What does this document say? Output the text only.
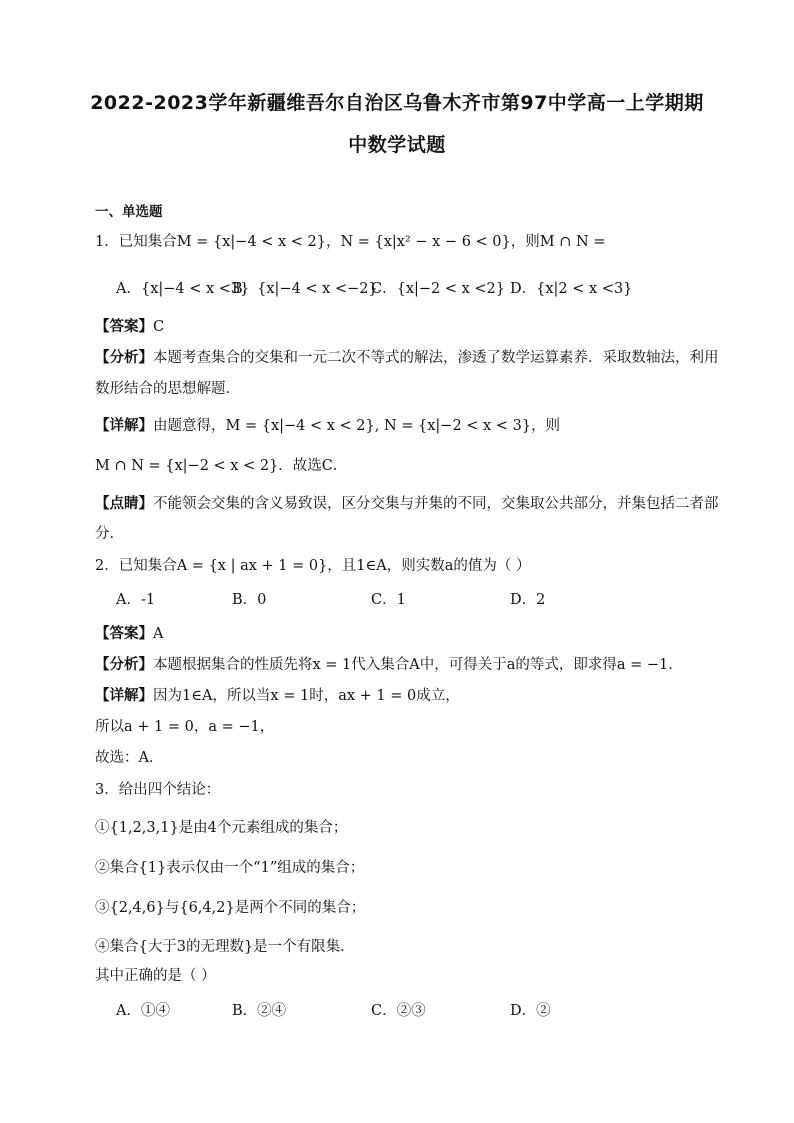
2022-2023学年新疆维吾尔自治区乌鲁木齐市第97中学高一上学期期
中数学试题
一、单选题
1．已知集合M = {x|−4 < x < 2}，N = {x|x² − x − 6 < 0}，则M ∩ N =
A．{x|−4 < x <3}
B．{x|−4 < x <−2}
C．{x|−2 < x <2} D．{x|2 < x <3}
【答案】C
【分析】本题考查集合的交集和一元二次不等式的解法，渗透了数学运算素养．采取数轴法，利用
数形结合的思想解题．
【详解】由题意得，M = {x|−4 < x < 2}, N = {x|−2 < x < 3}，则
M ∩ N = {x|−2 < x < 2}．故选C．
【点睛】不能领会交集的含义易致误，区分交集与并集的不同，交集取公共部分，并集包括二者部
分．
2．已知集合A = {x | ax + 1 = 0}，且1∈A，则实数a的值为（ ）
A．-1	B．0	C．1	D．2
【答案】A
【分析】本题根据集合的性质先将x = 1代入集合A中，可得关于a的等式，即求得a = −1．
【详解】因为1∈A，所以当x = 1时，ax + 1 = 0成立，
所以a + 1 = 0，a = −1，
故选：A．
3．给出四个结论：
①{1,2,3,1}是由4个元素组成的集合；
②集合{1}表示仅由一个“1”组成的集合；
③{2,4,6}与{6,4,2}是两个不同的集合；
④集合{大于3的无理数}是一个有限集．
其中正确的是（ ）
A．①④	B．②④	C．②③	D．②
